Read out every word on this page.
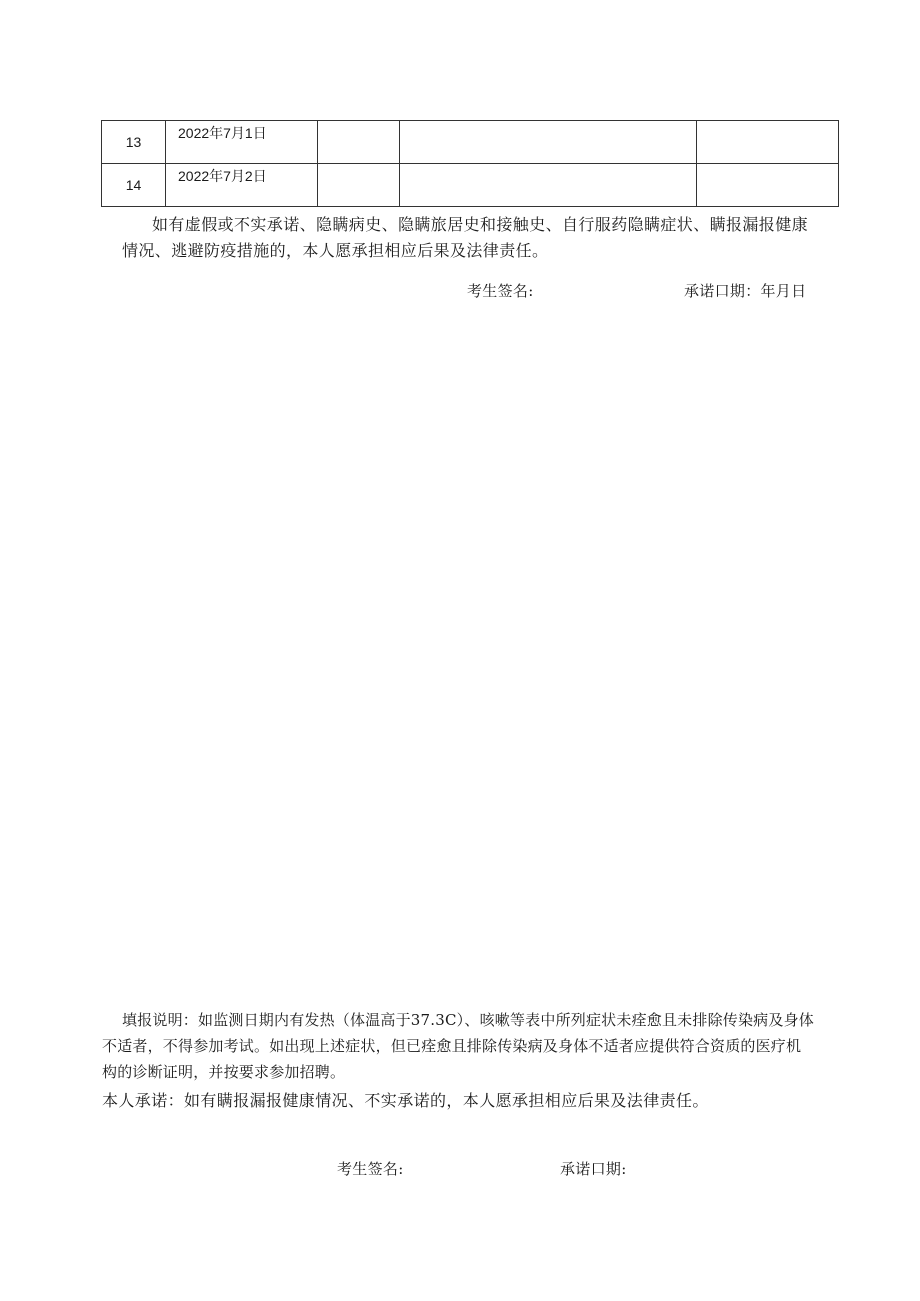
13	2022年7月1日			
14	2022年7月2日			
如有虚假或不实承诺、隐瞒病史、隐瞒旅居史和接触史、自行服药隐瞒症状、瞒报漏报健康情况、逃避防疫措施的，本人愿承担相应后果及法律责任。
考生签名:	承诺口期：年月日
填报说明：如监测日期内有发热（体温高于37.3C）、咳嗽等表中所列症状未痊愈且未排除传染病及身体
不适者，不得参加考试。如出现上述症状，但已痊愈且排除传染病及身体不适者应提供符合资质的医疗机
构的诊断证明，并按要求参加招聘。
本人承诺：如有瞒报漏报健康情况、不实承诺的，本人愿承担相应后果及法律责任。
考生签名:	承诺口期:
